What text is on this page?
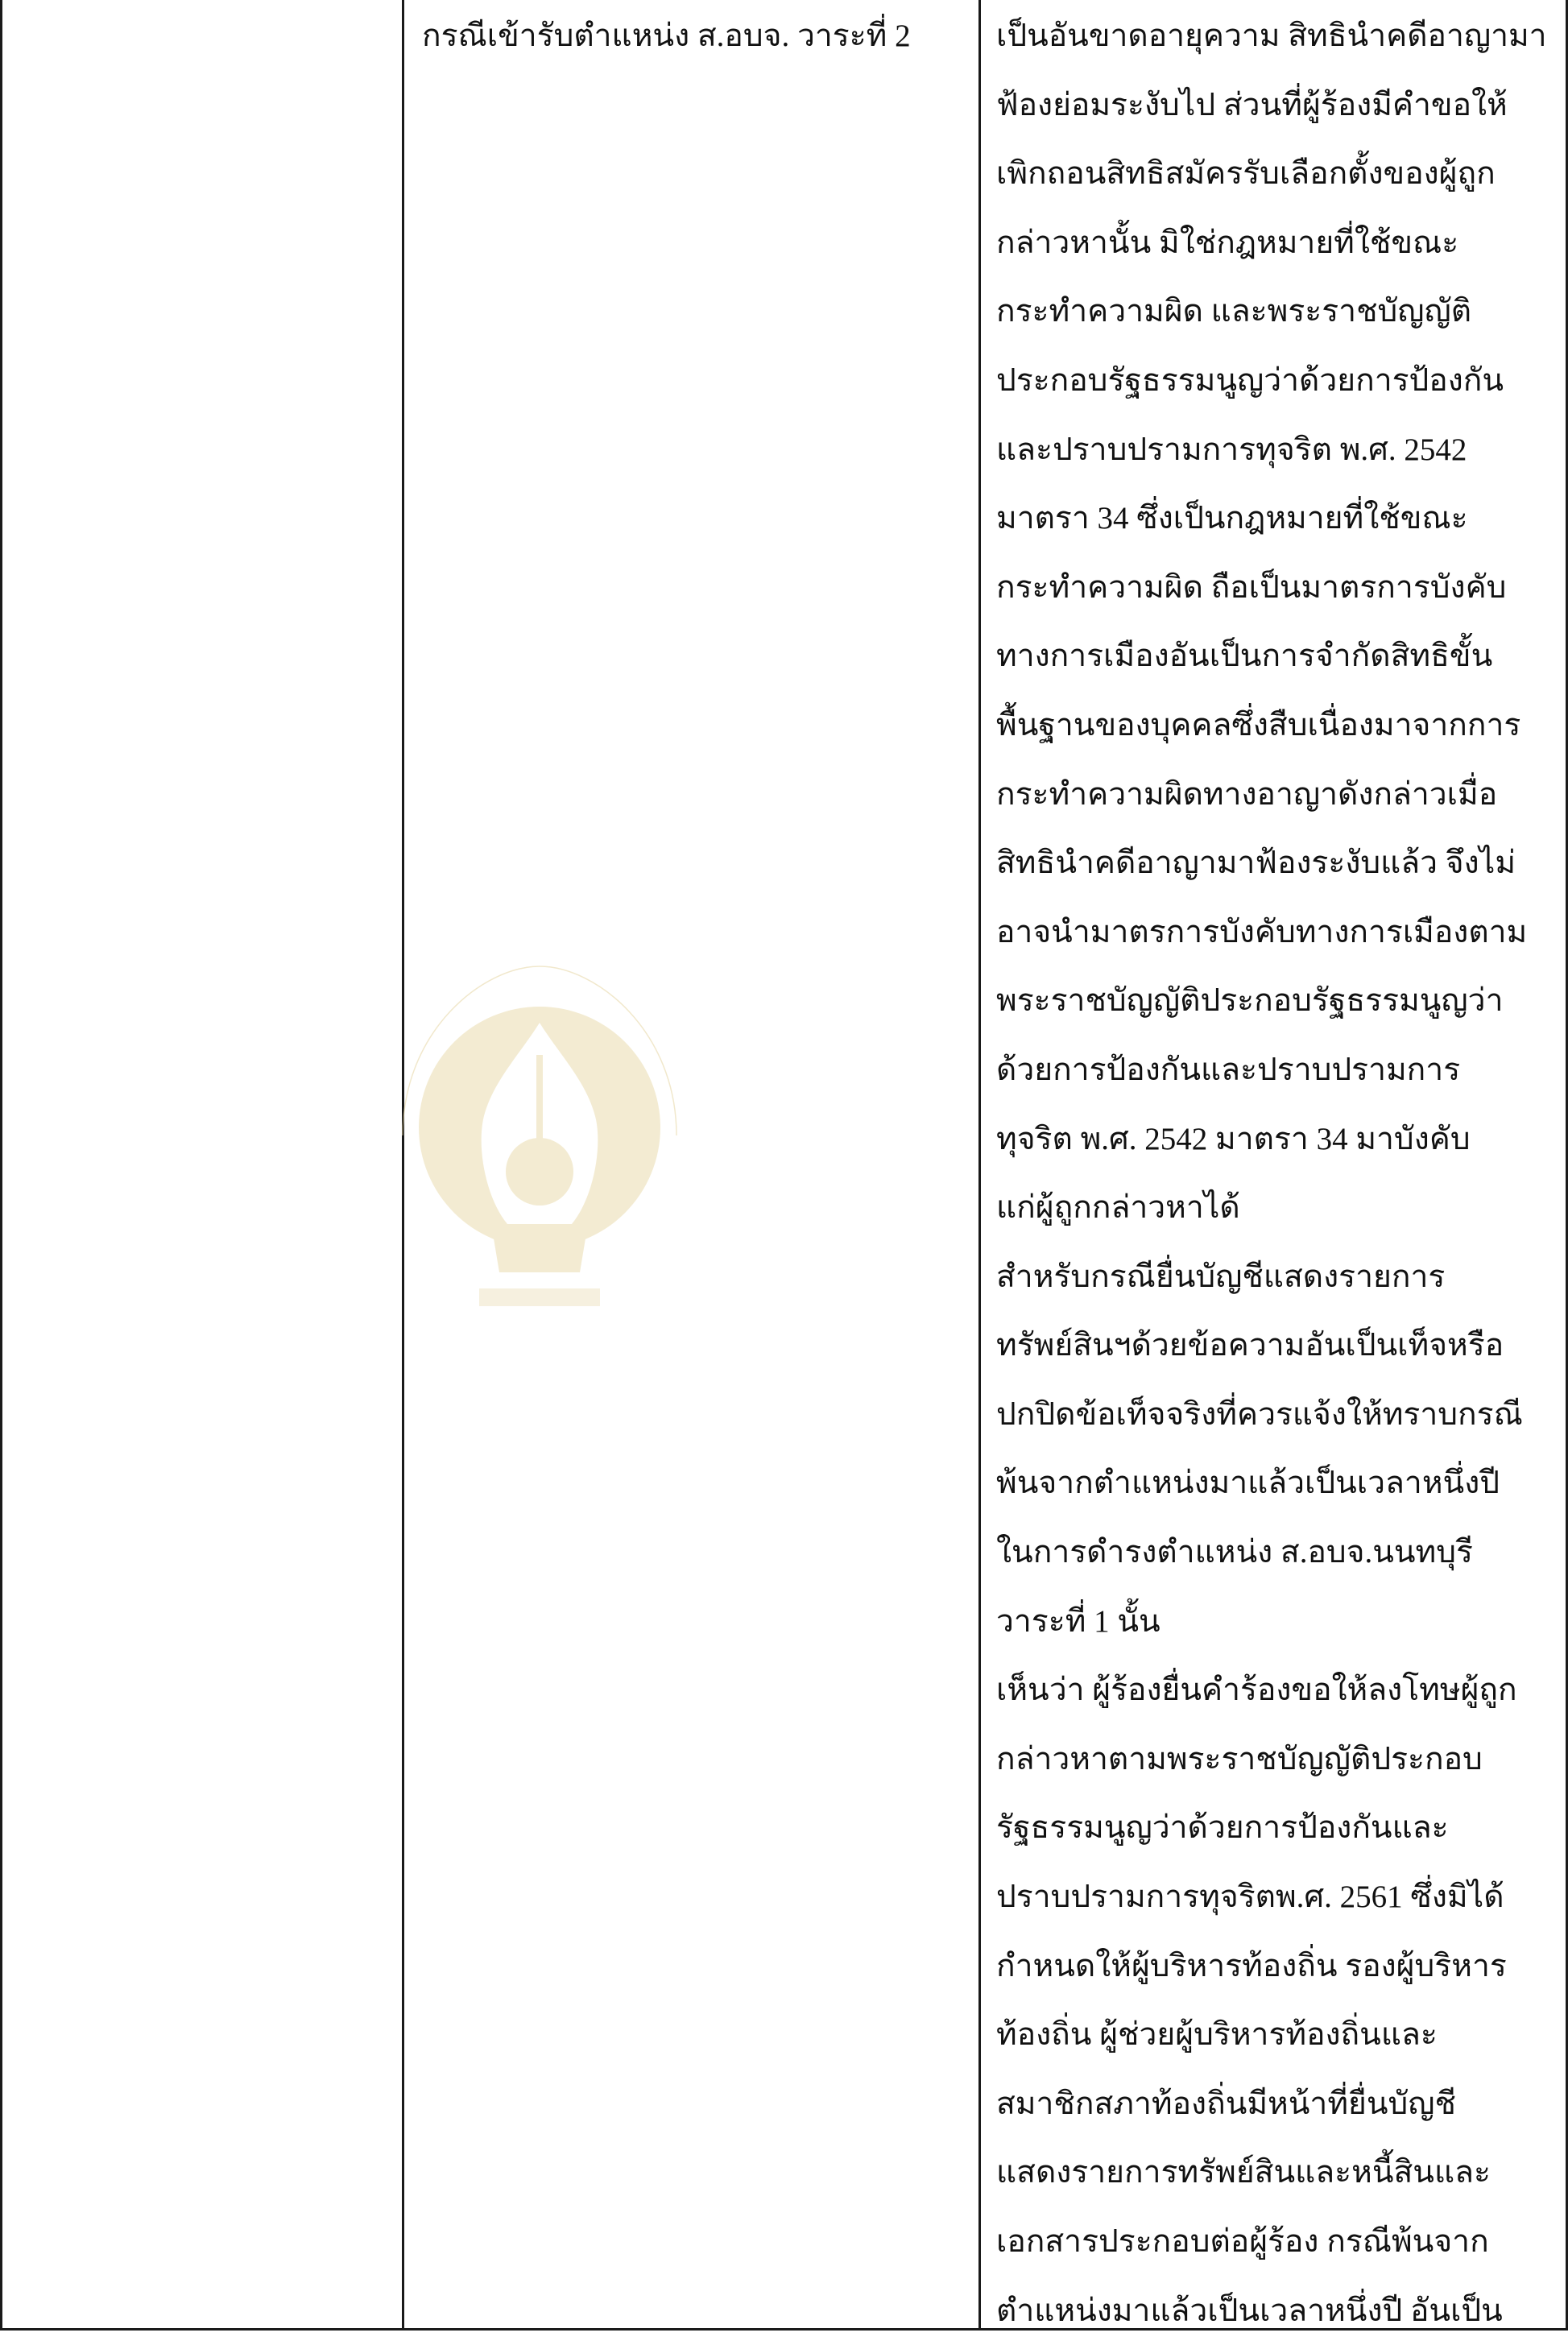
กรณีเข้ารับตำแหน่ง ส.อบจ. วาระที่ 2	เป็นอันขาดอายุความ สิทธินำคดีอาญามา
ฟ้องย่อมระงับไป ส่วนที่ผู้ร้องมีคำขอให้
เพิกถอนสิทธิสมัครรับเลือกตั้งของผู้ถูก
กล่าวหานั้น มิใช่กฎหมายที่ใช้ขณะ
กระทำความผิด และพระราชบัญญัติ
ประกอบรัฐธรรมนูญว่าด้วยการป้องกัน
และปราบปรามการทุจริต พ.ศ. 2542
มาตรา 34 ซึ่งเป็นกฎหมายที่ใช้ขณะ
กระทำความผิด ถือเป็นมาตรการบังคับ
ทางการเมืองอันเป็นการจำกัดสิทธิขั้น
พื้นฐานของบุคคลซึ่งสืบเนื่องมาจากการ
กระทำความผิดทางอาญาดังกล่าวเมื่อ
สิทธินำคดีอาญามาฟ้องระงับแล้ว จึงไม่
อาจนำมาตรการบังคับทางการเมืองตาม
พระราชบัญญัติประกอบรัฐธรรมนูญว่า
ด้วยการป้องกันและปราบปรามการ
ทุจริต พ.ศ. 2542 มาตรา 34 มาบังคับ
แก่ผู้ถูกกล่าวหาได้
สำหรับกรณียื่นบัญชีแสดงรายการ
ทรัพย์สินฯด้วยข้อความอันเป็นเท็จหรือ
ปกปิดข้อเท็จจริงที่ควรแจ้งให้ทราบกรณี
พ้นจากตำแหน่งมาแล้วเป็นเวลาหนึ่งปี
ในการดำรงตำแหน่ง ส.อบจ.นนทบุรี
วาระที่ 1 นั้น
เห็นว่า ผู้ร้องยื่นคำร้องขอให้ลงโทษผู้ถูก
กล่าวหาตามพระราชบัญญัติประกอบ
รัฐธรรมนูญว่าด้วยการป้องกันและ
ปราบปรามการทุจริตพ.ศ. 2561 ซึ่งมิได้
กำหนดให้ผู้บริหารท้องถิ่น รองผู้บริหาร
ท้องถิ่น ผู้ช่วยผู้บริหารท้องถิ่นและ
สมาชิกสภาท้องถิ่นมีหน้าที่ยื่นบัญชี
แสดงรายการทรัพย์สินและหนี้สินและ
เอกสารประกอบต่อผู้ร้อง กรณีพ้นจาก
ตำแหน่งมาแล้วเป็นเวลาหนึ่งปี อันเป็น
